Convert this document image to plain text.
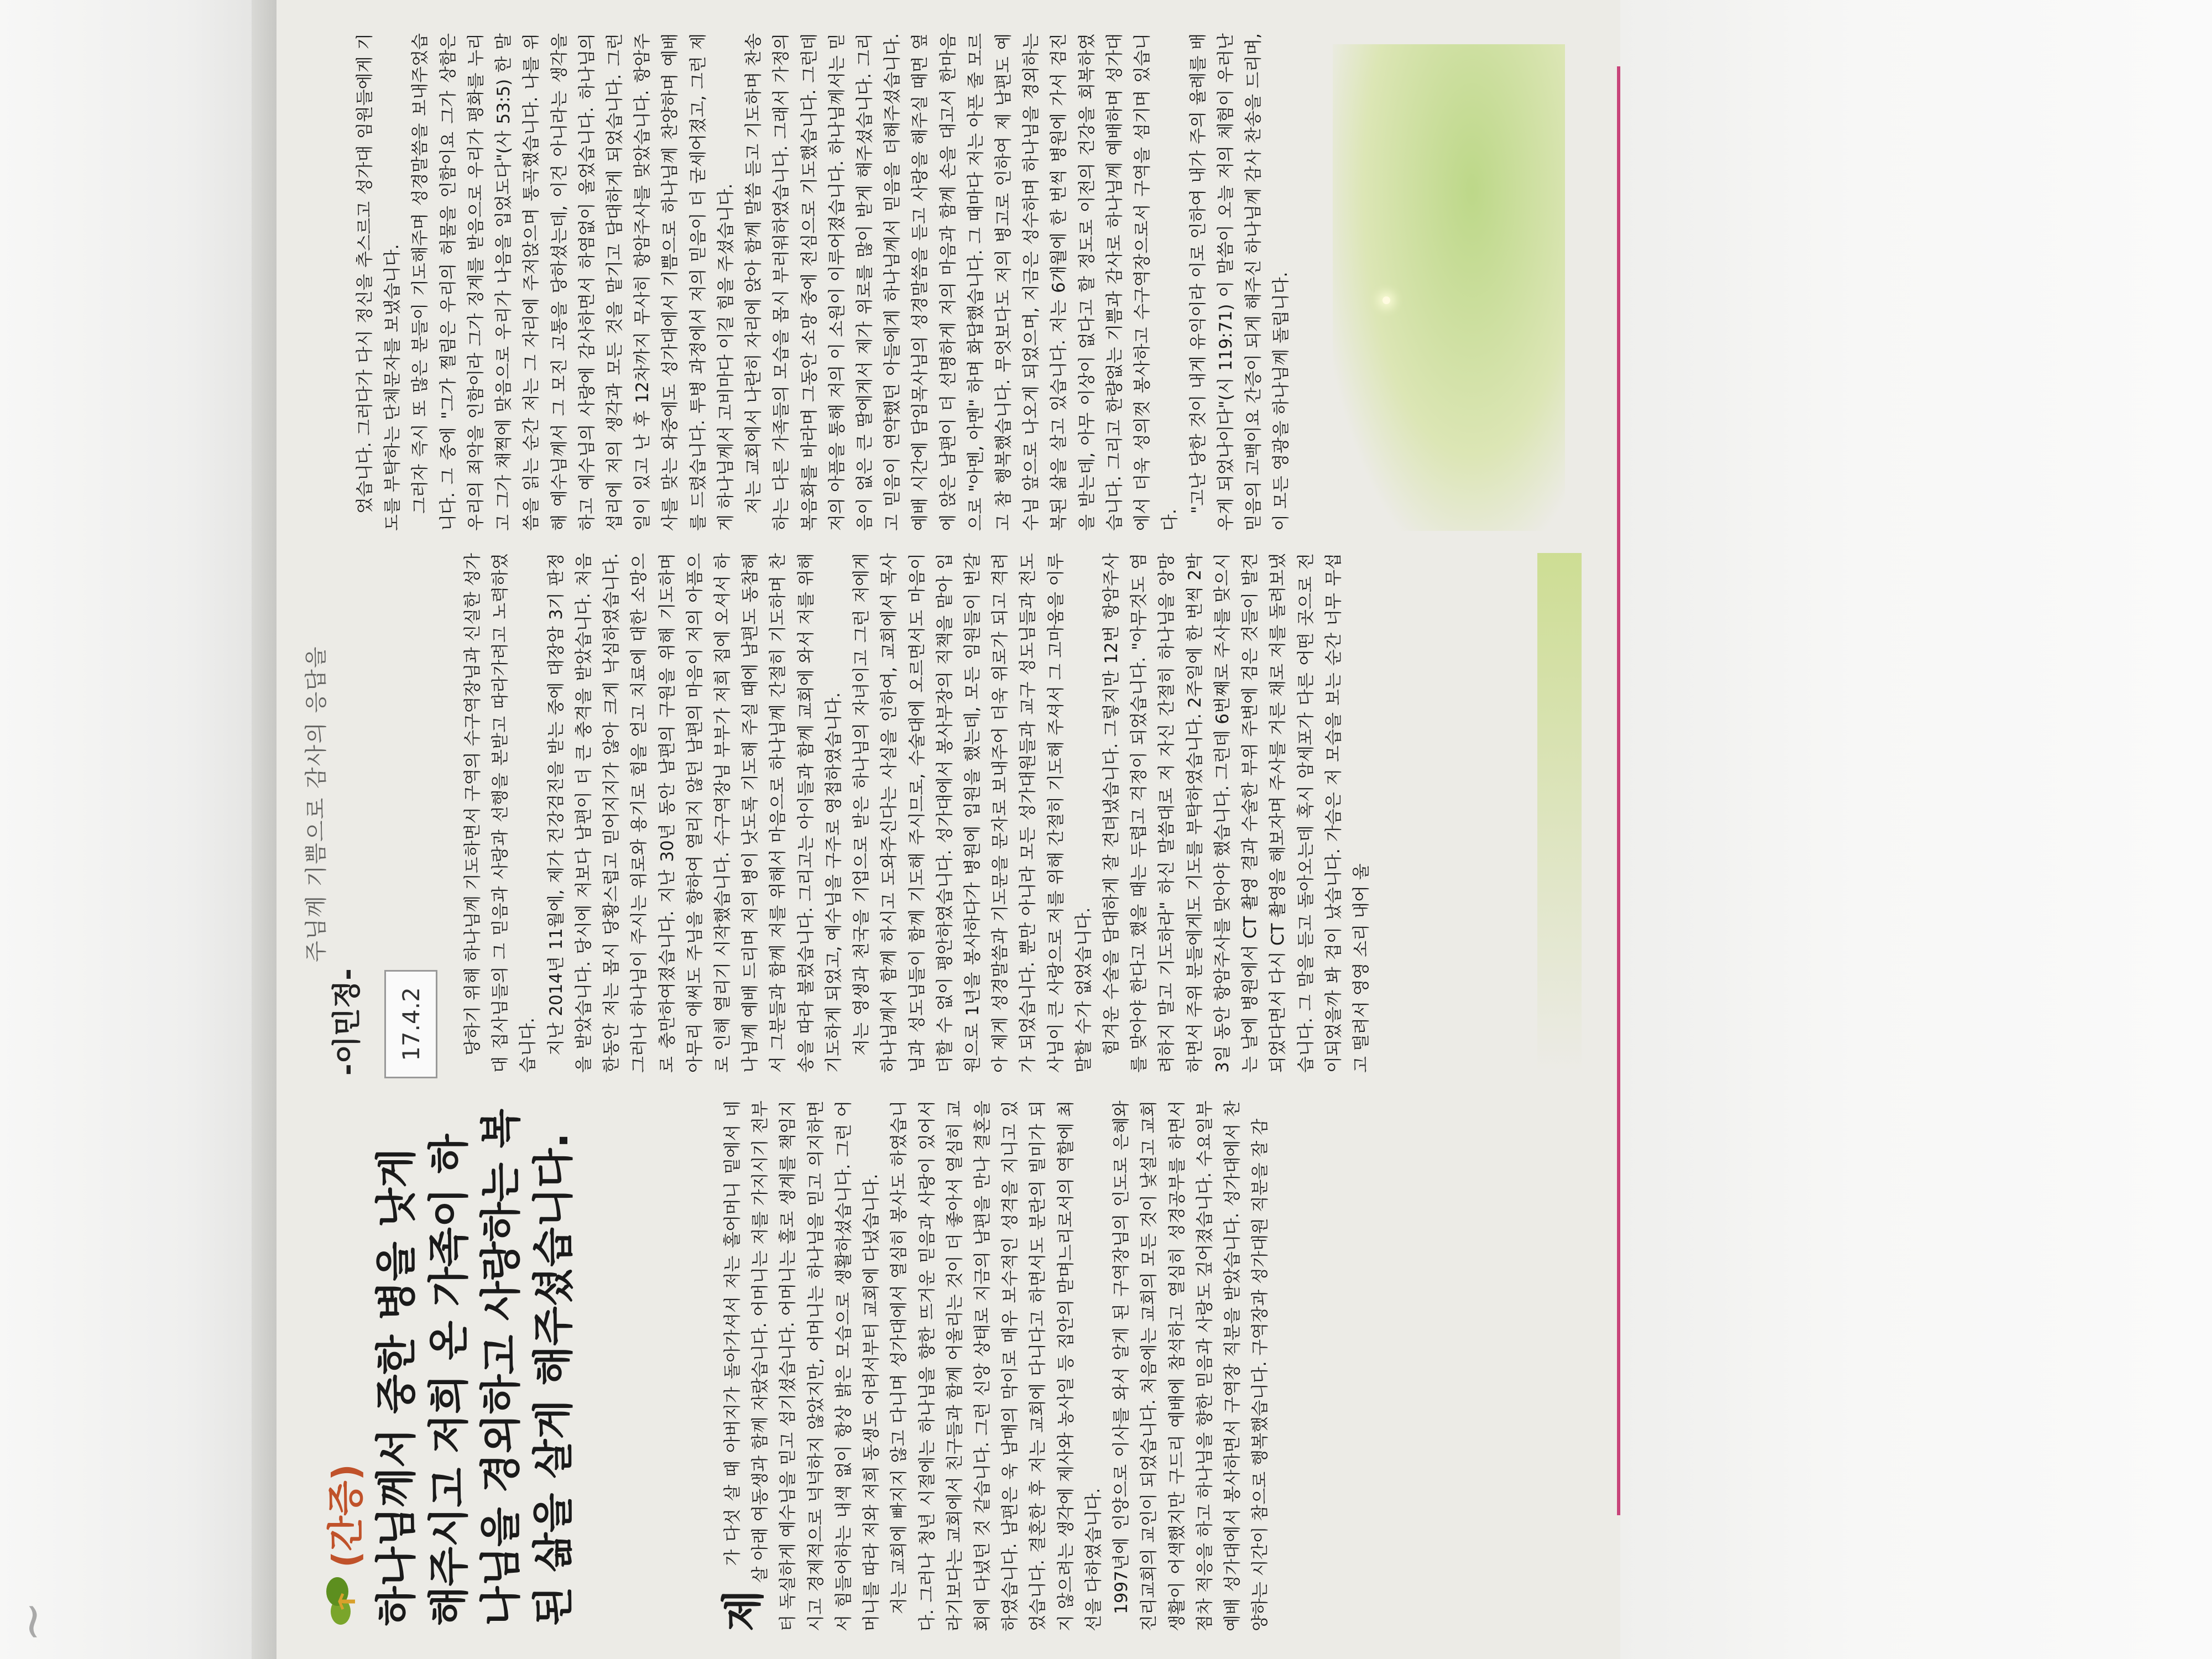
~
주님께 기쁨으로 감사의 응답을
(간증) 하나님께서 중한 병을 낫게 해주시고 저희 온 가족이 하나님을 경외하고 사랑하는 복된 삶을 살게 해주셨습니다.
-이민정-	17.4.2
제

가 다섯 살 때 아버지가 돌아가셔서 저는 홀어머니 밑에서 네 살 아래 여동생과 함께 자랐습니다. 어머니는 저를 가지시기 전부터 독실하게 예수님을 믿고 섬기셨습니다. 어머니는 홀로 생계를 책임지시고 경제적으로 넉넉하지 않았지만, 어머니는 하나님을 믿고 의지하면서 힘들어하는 내색 없이 항상 밝은 모습으로 생활하셨습니다. 그런 어머니를 따라 저와 저희 동생도 어려서부터 교회에 다녔습니다. 저는 교회에 빠지지 않고 다니며 성가대에서 열심히 봉사도 하였습니다. 그러나 청년 시절에는 하나님을 향한 뜨거운 믿음과 사랑이 있어서라기보다는 교회에서 친구들과 함께 어울리는 것이 더 좋아서 열심히 교회에 다녔던 것 같습니다. 그런 신앙 상태로 지금의 남편을 만나 결혼을 하였습니다. 남편은 욱 남매의 막이로 매우 보수적인 성격을 지니고 있었습니다. 결혼한 후 저는 교회에 다니다고 하면서도 분란의 빌미가 되지 않으려는 생각에 제사와 농사일 등 집안의 맏며느리로서의 역할에 최선을 다하였습니다. 1997년에 인양으로 이사를 와서 알게 된 구역장님의 인도로 은혜와진리교회의 교인이 되었습니다. 처음에는 교회의 모든 것이 낯설고 교회생활이 어색했지만 구드리 예배에 참석하고 열심히 성경공부를 하면서 점차 적응을 하고 하나님을 향한 믿음과 사랑도 깊어졌습니다. 수요일부 예배 성가대에서 봉사하면서 구역장 직분을 받았습니다. 성가대에서 찬양하는 시간이 참으로 행복했습니다. 구역장과 성가대원 직분을 잘 감

당하기 위해 하나님께 기도하면서 구역의 수구역장님과 신실한 성가대 집사님들의 그 믿음과 사랑과 선행을 본받고 따라가려고 노력하였습니다. 지난 2014년 11월에, 제가 건강검진을 받는 중에 대장암 3기 판정을 받았습니다. 당시에 저보다 남편이 더 큰 충격을 받았습니다. 처음 한동안 저는 몹시 당황스럽고 믿어지지가 않아 크게 낙심하였습니다. 그러나 하나님이 주시는 위로와 용기로 힘을 얻고 치료에 대한 소망으로 충만하여졌습니다. 지난 30년 동안 남편의 구원을 위해 기도하며 아무리 애써도 주님을 향하여 열리지 않던 남편의 마음이 저의 아픔으로 인해 열리기 시작했습니다. 수구역장님 부부가 저희 집에 오셔서 하나님께 예배 드리며 저의 병이 낫도록 기도해 주실 때에 남편도 동참해서 그분들과 함께 저를 위해서 마음으로 하나님께 간절히 기도하며 찬송을 따라 불렀습니다. 그리고는 아이들과 함께 교회에 와서 저를 위해 기도하게 되었고, 예수님을 구주로 영접하였습니다. 저는 영생과 천국을 기업으로 받은 하나님의 자녀이고 그런 저에게 하나님께서 함께 하시고 도와주신다는 사실을 인하여, 교회에서 목사님과 성도님들이 함께 기도해 주시므로, 수술대에 오르면서도 마음이 더할 수 없이 평안하였습니다. 성가대에서 봉사부장의 직책을 맡아 입원으로 1년을 봉사하다가 병원에 입원을 했는데, 모든 임원들이 번갈아 제게 성경말씀과 기도문을 문자로 보내주어 더욱 위로가 되고 격려가 되었습니다. 뿐만 아니라 모든 성가대원들과 교구 성도님들과 전도사님이 큰 사랑으로 저를 위해 간절히 기도해 주셔서 그 고마움을 이루 말할 수가 없었습니다. 힘겨운 수술을 담대하게 잘 견뎌냈습니다. 그렇지만 12번 항암주사를 맞아야 한다고 했을 때는 두렵고 걱정이 되었습니다. "아무것도 염려하지 말고 기도하라" 하신 말씀대로 저 자신 간절히 하나님을 앙망하면서 주위 분들에게도 기도를 부탁하였습니다. 2주일에 한 번씩 2박 3일 동안 항암주사를 맞아야 했습니다. 그런데 6번째로 주사를 맞으시는 날에 병원에서 CT 촬영 결과 수술한 부위 주변에 검은 것들이 발견되었다면서 다시 CT 촬영을 해보자며 주사를 거른 채로 저를 돌려보냈습니다. 그 말을 듣고 돌아오는데 혹시 암세포가 다른 어떤 곳으로 전이되었을까 봐 겁이 났습니다. 가슴은 저 모습을 보는 순간 너무 무섭고 떨려서 영영 소리 내어 울

었습니다. 그러다가 다시 정신을 추스르고 성가대 임원들에게 기도를 부탁하는 단체문자를 보냈습니다. 그러자 즉시 또 많은 분들이 기도해주며 성경말씀을 보내주었습니다. 그 중에 "그가 찔림은 우리의 허물을 인함이요 그가 상함은 우리의 죄악을 인함이라 그가 징계를 받음으로 우리가 평화를 누리고 그가 채찍에 맞음으로 우리가 나음을 입었도다"(사 53:5) 한 말씀을 읽는 순간 저는 그 자리에 주저앉으며 통곡했습니다. 나를 위해 예수님께서 그 모진 고통을 당하셨는데, 이건 아니라는 생각을 하고 예수님의 사랑에 감사하면서 하염없이 울었습니다. 하나님의 섭리에 저의 생각과 모든 것을 맡기고 담대하게 되었습니다. 그런 일이 있고 난 후 12차까지 무사히 항암주사를 맞았습니다. 항암주사를 맞는 와중에도 성가대에서 기쁨으로 하나님께 찬양하며 예배를 드렸습니다. 투병 과정에서 저의 믿음이 더 굳세어졌고, 그런 제게 하나님께서 고비마다 이길 힘을 주셨습니다. 저는 교회에서 나란히 자리에 앉아 함께 말씀 듣고 기도하며 찬송하는 다른 가족들의 모습을 몹시 부러워하였습니다. 그래서 가정의 복음화를 바라며 그동안 소망 중에 전심으로 기도했습니다. 그런데 저의 아픔을 통해 저의 이 소원이 이루어졌습니다. 하나님께서는 믿음이 없은 큰 딸에게서 제가 위로를 많이 받게 해주셨습니다. 그리고 믿음이 연약했던 아들에게 하나님께서 믿음을 더해주셨습니다. 예배 시간에 담임목사님의 성경말씀을 듣고 사랑을 해주실 때면 옆에 앉은 남편이 더 선명하게 저의 마음과 함께 손을 대고서 한마음으로 "아멘, 아멘" 하며 화답했습니다. 그 때마다 저는 아픈 줄 모르고 참 행복했습니다. 무엇보다도 저의 병고로 인하여 제 남편도 예수님 앞으로 나오게 되었으며, 지금은 성수하며 하나님을 경외하는 복된 삶을 살고 있습니다. 저는 6개월에 한 번씩 병원에 가서 검진을 받는데, 아무 이상이 없다고 할 정도로 이전의 건강을 회복하였습니다. 그리고 한량없는 기쁨과 감사로 하나님께 예배하며 성가대에서 더욱 성의껏 봉사하고 수구역장으로서 구역을 섬기며 있습니다.

"고난 당한 것이 내게 유익이라 이로 인하여 내가 주의 율례를 배우게 되었나이다"(시 119:71) 이 말씀이 오늘 저의 체험이 우러난 믿음의 고백이요 간증이 되게 해주신 하나님께 감사 찬송을 드리며, 이 모든 영광을 하나님께 돌립니다.
